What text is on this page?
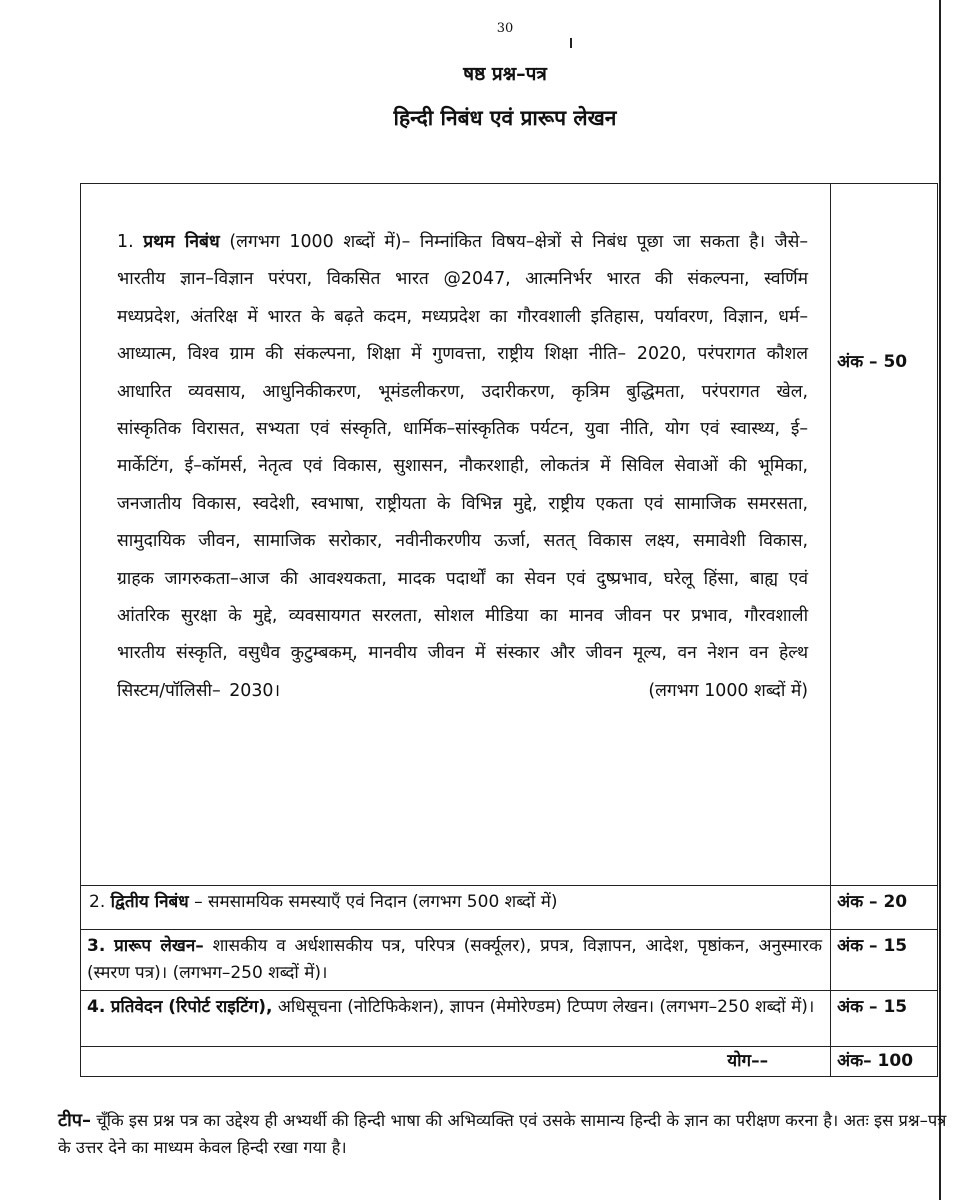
30
षष्ठ प्रश्न–पत्र
हिन्दी निबंध एवं प्रारूप लेखन
1. प्रथम निबंध (लगभग 1000 शब्दों में)– निम्नांकित विषय–क्षेत्रों से निबंध पूछा जा सकता है। जैसे– भारतीय ज्ञान–विज्ञान परंपरा, विकसित भारत @2047, आत्मनिर्भर भारत की संकल्पना, स्वर्णिम मध्यप्रदेश, अंतरिक्ष में भारत के बढ़ते कदम, मध्यप्रदेश का गौरवशाली इतिहास, पर्यावरण, विज्ञान, धर्म–आध्यात्म, विश्व ग्राम की संकल्पना, शिक्षा में गुणवत्ता, राष्ट्रीय शिक्षा नीति– 2020, परंपरागत कौशल आधारित व्यवसाय, आधुनिकीकरण, भूमंडलीकरण, उदारीकरण, कृत्रिम बुद्धिमता, परंपरागत खेल, सांस्कृतिक विरासत, सभ्यता एवं संस्कृति, धार्मिक–सांस्कृतिक पर्यटन, युवा नीति, योग एवं स्वास्थ्य, ई–मार्केटिंग, ई–कॉमर्स, नेतृत्व एवं विकास, सुशासन, नौकरशाही, लोकतंत्र में सिविल सेवाओं की भूमिका, जनजातीय विकास, स्वदेशी, स्वभाषा, राष्ट्रीयता के विभिन्न मुद्दे, राष्ट्रीय एकता एवं सामाजिक समरसता, सामुदायिक जीवन, सामाजिक सरोकार, नवीनीकरणीय ऊर्जा, सतत् विकास लक्ष्य, समावेशी विकास, ग्राहक जागरुकता–आज की आवश्यकता, मादक पदार्थों का सेवन एवं दुष्प्रभाव, घरेलू हिंसा, बाह्य एवं आंतरिक सुरक्षा के मुद्दे, व्यवसायगत सरलता, सोशल मीडिया का मानव जीवन पर प्रभाव, गौरवशाली भारतीय संस्कृति, वसुधैव कुटुम्बकम्, मानवीय जीवन में संस्कार और जीवन मूल्य, वन नेशन वन हेल्थ सिस्टम/पॉलिसी– 2030। (लगभग 1000 शब्दों में)	अंक – 50

2. द्वितीय निबंध – समसामयिक समस्याएँ एवं निदान (लगभग 500 शब्दों में)	अंक – 20

3. प्रारूप लेखन– शासकीय व अर्धशासकीय पत्र, परिपत्र (सर्क्यूलर), प्रपत्र, विज्ञापन, आदेश, पृष्ठांकन, अनुस्मारक (स्मरण पत्र)। (लगभग–250 शब्दों में)।	अंक – 15

4. प्रतिवेदन (रिपोर्ट राइटिंग), अधिसूचना (नोटिफिकेशन), ज्ञापन (मेमोरेण्डम) टिप्पण लेखन। (लगभग–250 शब्दों में)।	अंक – 15

योग––	अंक– 100
टीप– चूँकि इस प्रश्न पत्र का उद्देश्य ही अभ्यर्थी की हिन्दी भाषा की अभिव्यक्ति एवं उसके सामान्य हिन्दी के ज्ञान का परीक्षण करना है। अतः इस प्रश्न–पत्र के उत्तर देने का माध्यम केवल हिन्दी रखा गया है।
